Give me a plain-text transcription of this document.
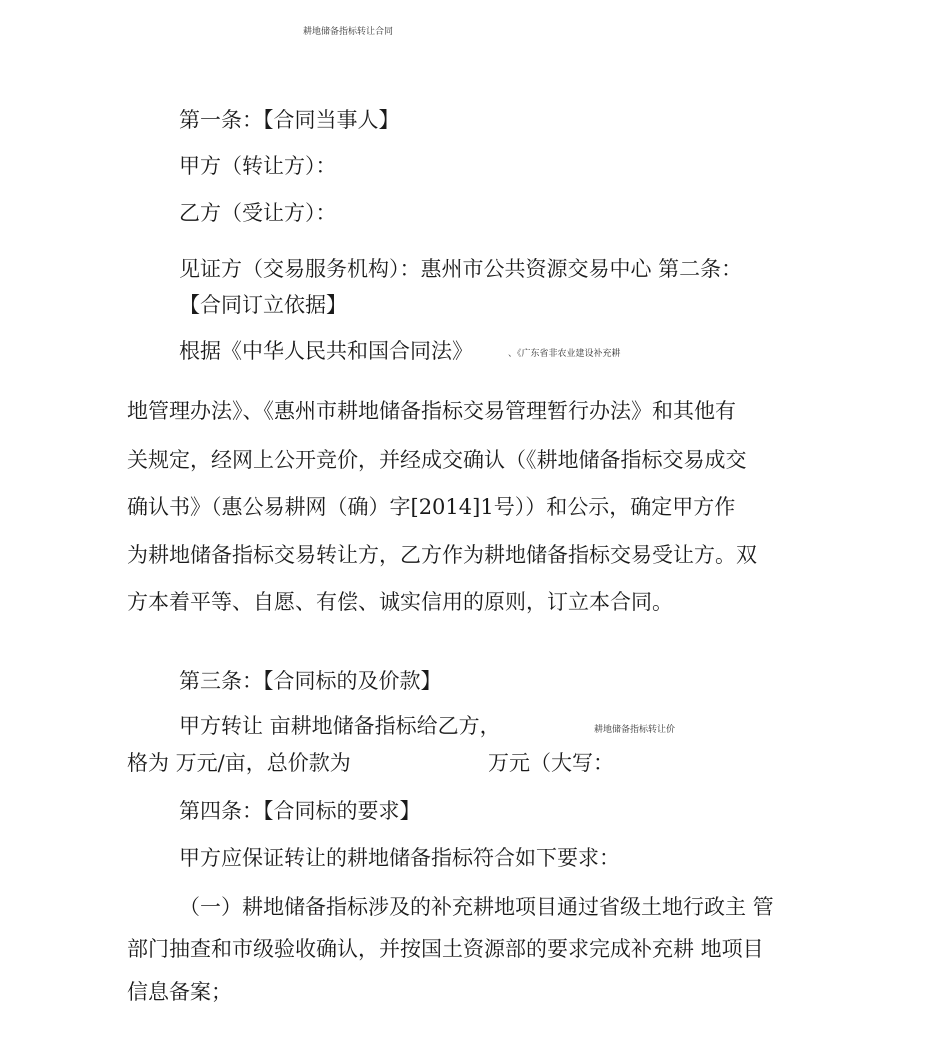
耕地储备指标转让合同
第一条：【合同当事人】
甲方（转让方）：
乙方（受让方）：
见证方（交易服务机构）：惠州市公共资源交易中心 第二条：
【合同订立依据】
根据《中华人民共和国合同法》	、《广东省非农业建设补充耕
地管理办法》、《惠州市耕地储备指标交易管理暂行办法》和其他有
关规定，经网上公开竞价，并经成交确认（《耕地储备指标交易成交
确认书》（惠公易耕网（确）字[2014]1号））和公示，确定甲方作
为耕地储备指标交易转让方，乙方作为耕地储备指标交易受让方。双
方本着平等、自愿、有偿、诚实信用的原则，订立本合同。
第三条：【合同标的及价款】
甲方转让 亩耕地储备指标给乙方，	耕地储备指标转让价
格为 万元/亩，总价款为	万元（大写：
第四条：【合同标的要求】
甲方应保证转让的耕地储备指标符合如下要求：
（一）耕地储备指标涉及的补充耕地项目通过省级土地行政主 管
部门抽查和市级验收确认，并按国土资源部的要求完成补充耕 地项目
信息备案；
